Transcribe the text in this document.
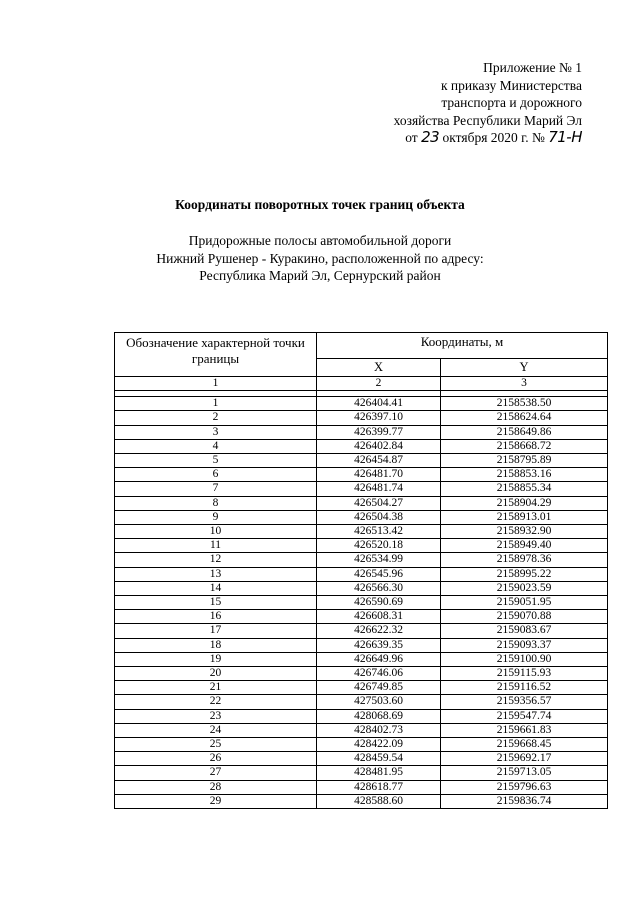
Приложение № 1
к приказу Министерства
транспорта и дорожного
хозяйства Республики Марий Эл
от 23 октября 2020 г. № 71-Н
Координаты поворотных точек границ объекта
Придорожные полосы автомобильной дороги
Нижний Рушенер - Куракино, расположенной по адресу:
Республика Марий Эл, Сернурский район
Обозначение характерной точки границы	Координаты, м	
	X	Y
1	2	3

1	426404.41	2158538.50
2	426397.10	2158624.64
3	426399.77	2158649.86
4	426402.84	2158668.72
5	426454.87	2158795.89
6	426481.70	2158853.16
7	426481.74	2158855.34
8	426504.27	2158904.29
9	426504.38	2158913.01
10	426513.42	2158932.90
11	426520.18	2158949.40
12	426534.99	2158978.36
13	426545.96	2158995.22
14	426566.30	2159023.59
15	426590.69	2159051.95
16	426608.31	2159070.88
17	426622.32	2159083.67
18	426639.35	2159093.37
19	426649.96	2159100.90
20	426746.06	2159115.93
21	426749.85	2159116.52
22	427503.60	2159356.57
23	428068.69	2159547.74
24	428402.73	2159661.83
25	428422.09	2159668.45
26	428459.54	2159692.17
27	428481.95	2159713.05
28	428618.77	2159796.63
29	428588.60	2159836.74
